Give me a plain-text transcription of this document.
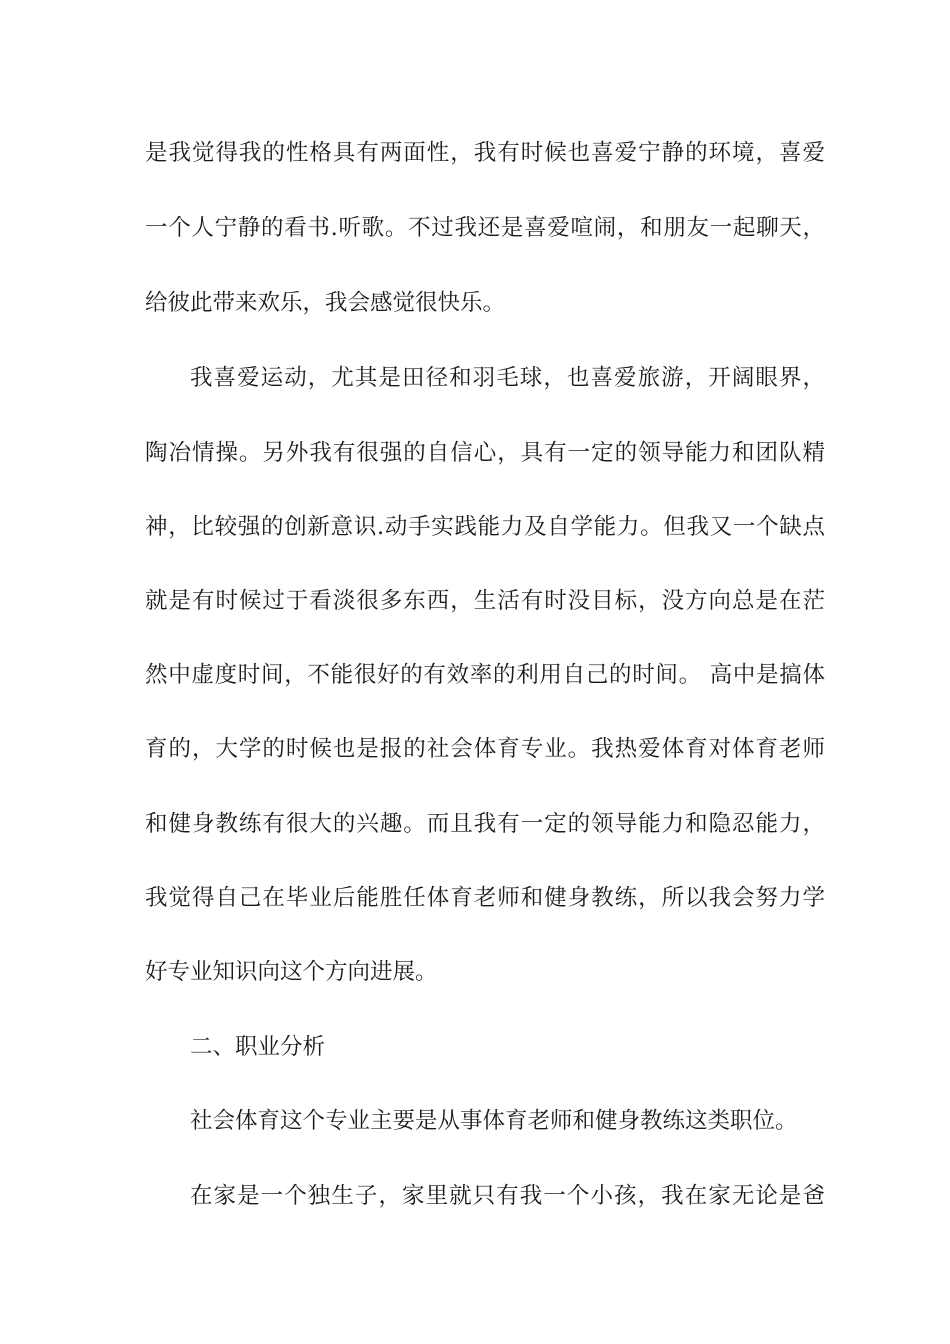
是我觉得我的性格具有两面性，我有时候也喜爱宁静的环境，喜爱
一个人宁静的看书.听歌。不过我还是喜爱喧闹，和朋友一起聊天，
给彼此带来欢乐，我会感觉很快乐。
我喜爱运动，尤其是田径和羽毛球，也喜爱旅游，开阔眼界，
陶冶情操。另外我有很强的自信心，具有一定的领导能力和团队精
神，比较强的创新意识.动手实践能力及自学能力。但我又一个缺点
就是有时候过于看淡很多东西，生活有时没目标，没方向总是在茫
然中虚度时间，不能很好的有效率的利用自己的时间。 高中是搞体
育的，大学的时候也是报的社会体育专业。我热爱体育对体育老师
和健身教练有很大的兴趣。而且我有一定的领导能力和隐忍能力，
我觉得自己在毕业后能胜任体育老师和健身教练，所以我会努力学
好专业知识向这个方向进展。
二、职业分析
社会体育这个专业主要是从事体育老师和健身教练这类职位。
在家是一个独生子，家里就只有我一个小孩，我在家无论是爸
